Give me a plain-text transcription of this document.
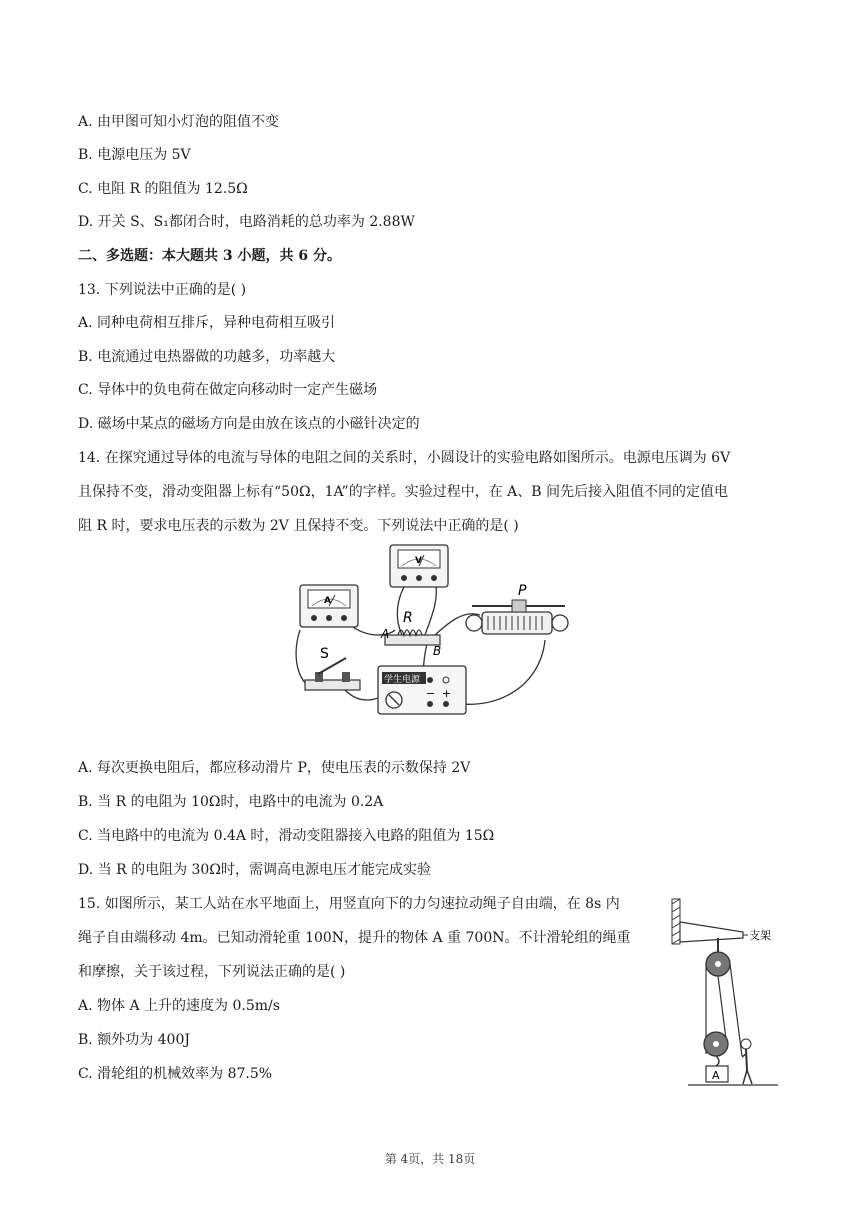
A. 由甲图可知小灯泡的阻值不变
B. 电源电压为 5V
C. 电阻 R 的阻值为 12.5Ω
D. 开关 S、S₁都闭合时，电路消耗的总功率为 2.88W
二、多选题：本大题共 3 小题，共 6 分。
13. 下列说法中正确的是( )
A. 同种电荷相互排斥，异种电荷相互吸引
B. 电流通过电热器做的功越多，功率越大
C. 导体中的负电荷在做定向移动时一定产生磁场
D. 磁场中某点的磁场方向是由放在该点的小磁针决定的
14. 在探究通过导体的电流与导体的电阻之间的关系时，小圆设计的实验电路如图所示。电源电压调为 6V
且保持不变，滑动变阻器上标有“50Ω，1A”的字样。实验过程中，在 A、B 间先后接入阻值不同的定值电
阻 R 时，要求电压表的示数为 2V 且保持不变。下列说法中正确的是( )
A
V
R
A
B
P
S
学生电源
− +
A. 每次更换电阻后，都应移动滑片 P，使电压表的示数保持 2V
B. 当 R 的电阻为 10Ω时，电路中的电流为 0.2A
C. 当电路中的电流为 0.4A 时，滑动变阻器接入电路的阻值为 15Ω
D. 当 R 的电阻为 30Ω时，需调高电源电压才能完成实验
15. 如图所示，某工人站在水平地面上，用竖直向下的力匀速拉动绳子自由端，在 8s 内
绳子自由端移动 4m。已知动滑轮重 100N，提升的物体 A 重 700N。不计滑轮组的绳重
和摩擦，关于该过程，下列说法正确的是( )
A. 物体 A 上升的速度为 0.5m/s
B. 额外功为 400J
C. 滑轮组的机械效率为 87.5%
支架
A
第 4页，共 18页
